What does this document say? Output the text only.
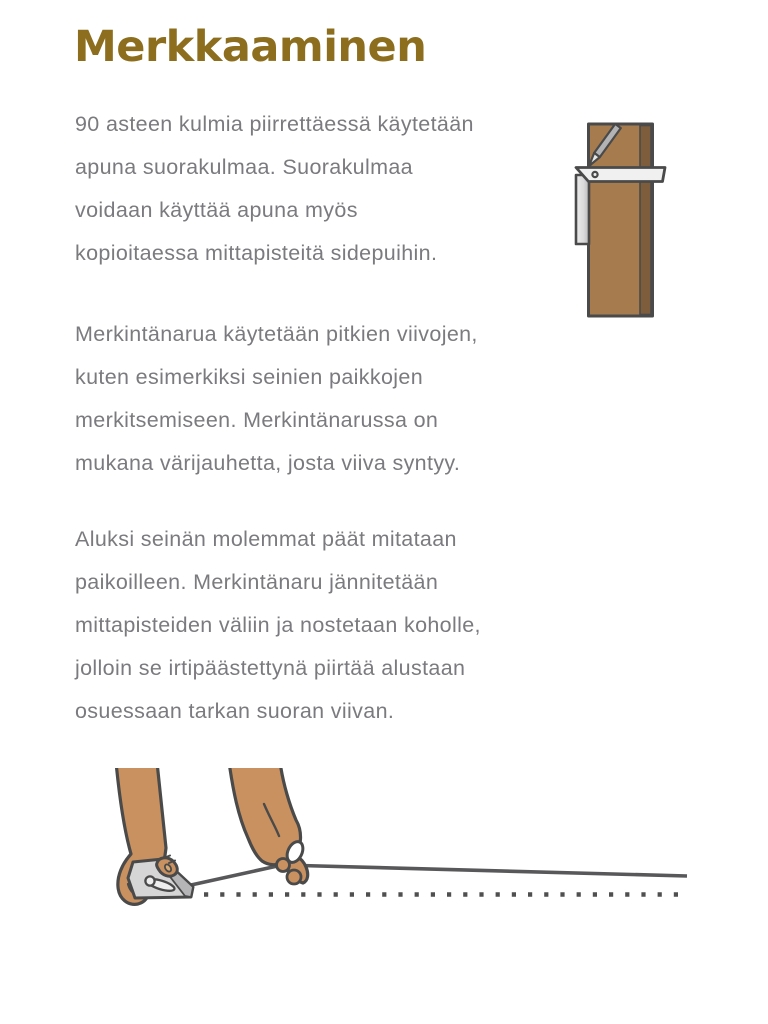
Merkkaaminen
90 asteen kulmia piirrettäessä käytetään
apuna suorakulmaa. Suorakulmaa
voidaan käyttää apuna myös
kopioitaessa mittapisteitä sidepuihin.
Merkintänarua käytetään pitkien viivojen,
kuten esimerkiksi seinien paikkojen
merkitsemiseen. Merkintänarussa on
mukana värijauhetta, josta viiva syntyy.
Aluksi seinän molemmat päät mitataan
paikoilleen. Merkintänaru jännitetään
mittapisteiden väliin ja nostetaan koholle,
jolloin se irtipäästettynä piirtää alustaan
osuessaan tarkan suoran viivan.
